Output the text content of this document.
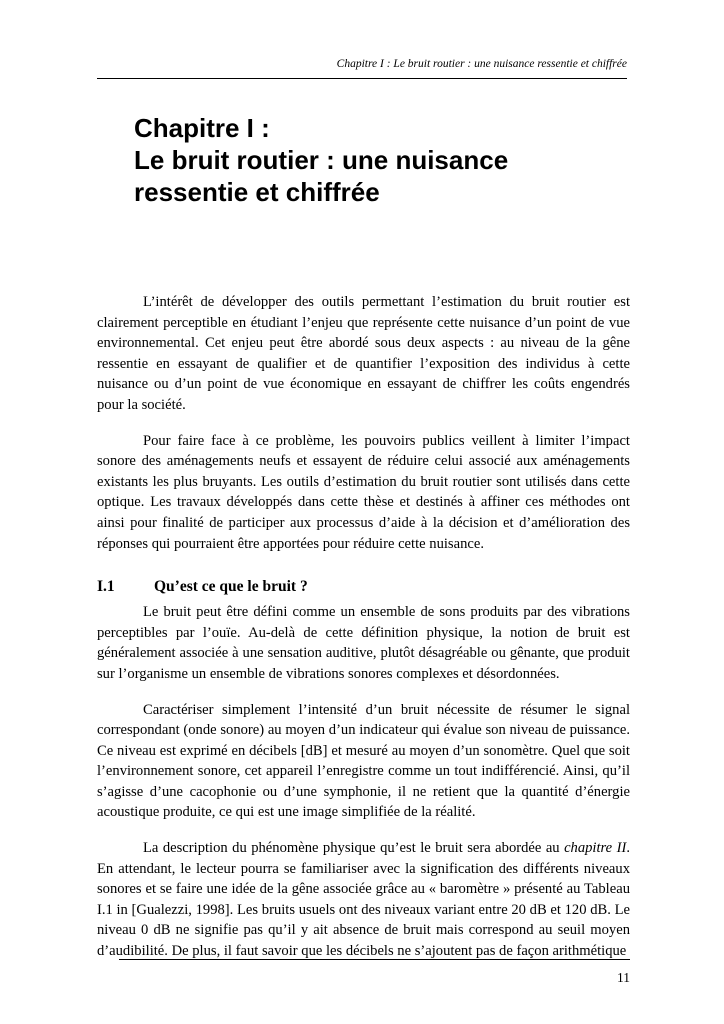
Chapitre I : Le bruit routier : une nuisance ressentie et chiffrée
Chapitre I :
Le bruit routier : une nuisance
ressentie et chiffrée

L’intérêt de développer des outils permettant l’estimation du bruit routier est clairement perceptible en étudiant l’enjeu que représente cette nuisance d’un point de vue environnemental. Cet enjeu peut être abordé sous deux aspects : au niveau de la gêne ressentie en essayant de qualifier et de quantifier l’exposition des individus à cette nuisance ou d’un point de vue économique en essayant de chiffrer les coûts engendrés pour la société.

Pour faire face à ce problème, les pouvoirs publics veillent à limiter l’impact sonore des aménagements neufs et essayent de réduire celui associé aux aménagements existants les plus bruyants. Les outils d’estimation du bruit routier sont utilisés dans cette optique. Les travaux développés dans cette thèse et destinés à affiner ces méthodes ont ainsi pour finalité de participer aux processus d’aide à la décision et d’amélioration des réponses qui pourraient être apportées pour réduire cette nuisance.

I.1	Qu’est ce que le bruit ?

Le bruit peut être défini comme un ensemble de sons produits par des vibrations perceptibles par l’ouïe. Au-delà de cette définition physique, la notion de bruit est généralement associée à une sensation auditive, plutôt désagréable ou gênante, que produit sur l’organisme un ensemble de vibrations sonores complexes et désordonnées.

Caractériser simplement l’intensité d’un bruit nécessite de résumer le signal correspondant (onde sonore) au moyen d’un indicateur qui évalue son niveau de puissance. Ce niveau est exprimé en décibels [dB] et mesuré au moyen d’un sonomètre. Quel que soit l’environnement sonore, cet appareil l’enregistre comme un tout indifférencié. Ainsi, qu’il s’agisse d’une cacophonie ou d’une symphonie, il ne retient que la quantité d’énergie acoustique produite, ce qui est une image simplifiée de la réalité.

La description du phénomène physique qu’est le bruit sera abordée au chapitre II. En attendant, le lecteur pourra se familiariser avec la signification des différents niveaux sonores et se faire une idée de la gêne associée grâce au « baromètre » présenté au Tableau I.1 in [Gualezzi, 1998]. Les bruits usuels ont des niveaux variant entre 20 dB et 120 dB. Le niveau 0 dB ne signifie pas qu’il y ait absence de bruit mais correspond au seuil moyen d’audibilité. De plus, il faut savoir que les décibels ne s’ajoutent pas de façon arithmétique

11
